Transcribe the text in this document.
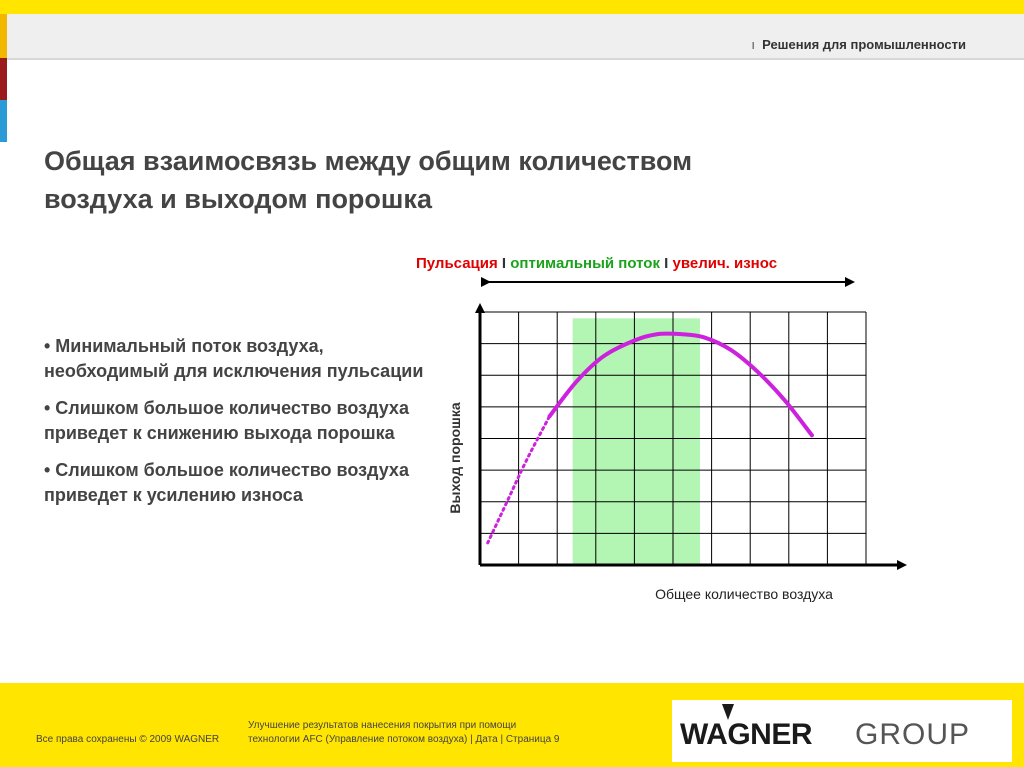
I Решения для промышленности
Общая взаимосвязь между общим количеством
воздуха и выходом порошка
• Минимальный поток воздуха, необходимый для исключения пульсации
• Слишком большое количество воздуха приведет к снижению выхода порошка
• Слишком большое количество воздуха приведет к усилению износа
Пульсация I оптимальный поток I увелич. износ
Выход порошка
Общее количество воздуха
Все права сохранены © 2009 WAGNER
Улучшение результатов нанесения покрытия при помощи
технологии AFC (Управление потоком воздуха) | Дата | Страница 9	WAGNER GROUP
